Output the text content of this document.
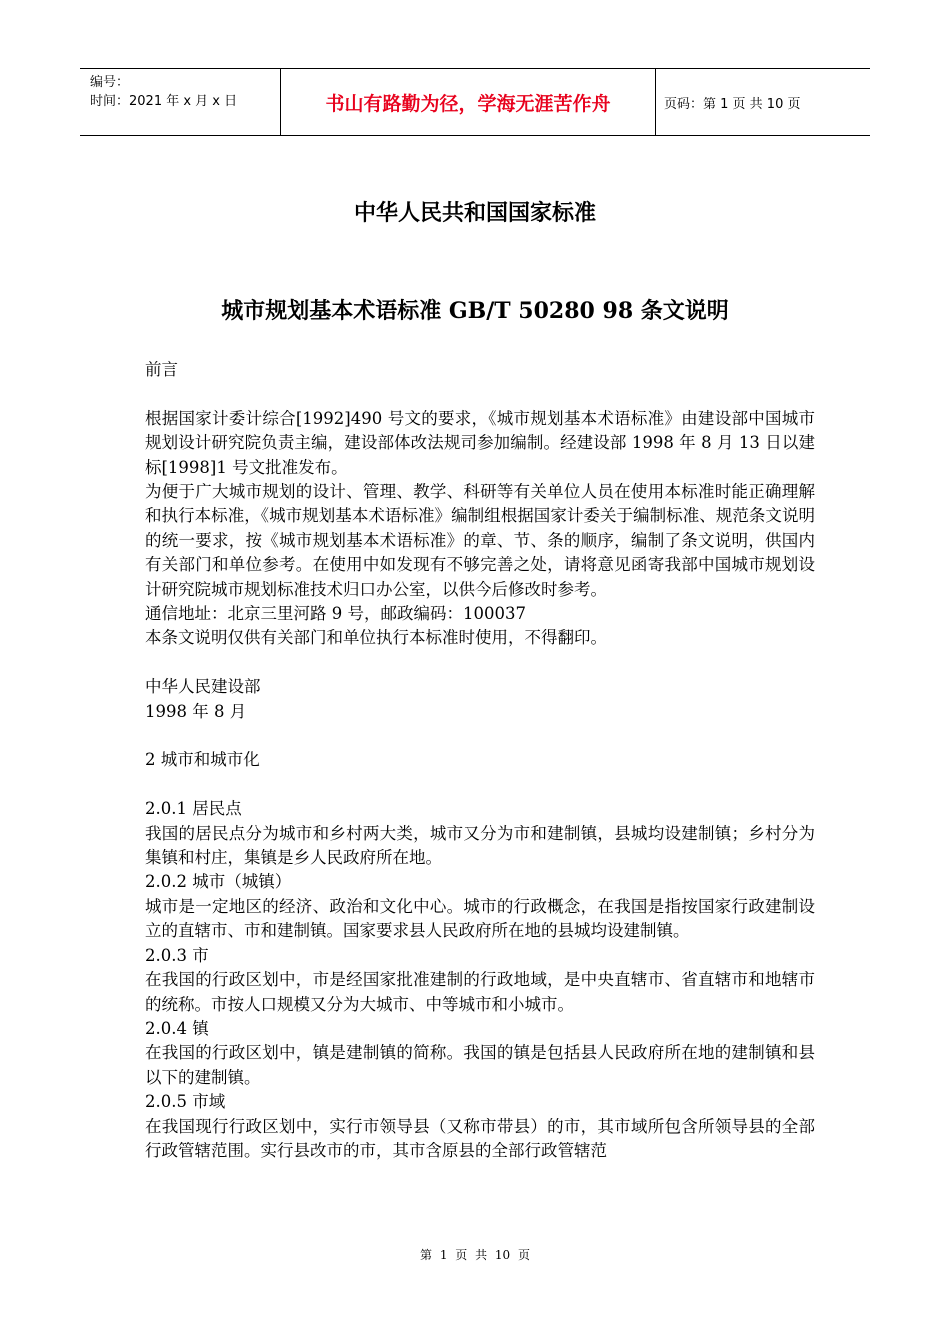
编号：
时间：2021 年 x 月 x 日	书山有路勤为径，学海无涯苦作舟	页码：第 1 页 共 10 页
中华人民共和国国家标准
城市规划基本术语标准 GB/T 50280 98 条文说明

前言

根据国家计委计综合[1992]490 号文的要求，《城市规划基本术语标准》由建设部中国城市规划设计研究院负责主编，建设部体改法规司参加编制。经建设部 1998 年 8 月 13 日以建标[1998]1 号文批准发布。

为便于广大城市规划的设计、管理、教学、科研等有关单位人员在使用本标准时能正确理解和执行本标准，《城市规划基本术语标准》编制组根据国家计委关于编制标准、规范条文说明的统一要求，按《城市规划基本术语标准》的章、节、条的顺序，编制了条文说明，供国内有关部门和单位参考。在使用中如发现有不够完善之处，请将意见函寄我部中国城市规划设计研究院城市规划标准技术归口办公室，以供今后修改时参考。

通信地址：北京三里河路 9 号，邮政编码：100037

本条文说明仅供有关部门和单位执行本标准时使用，不得翻印。

中华人民建设部

1998 年 8 月

2 城市和城市化

2.0.1 居民点

我国的居民点分为城市和乡村两大类，城市又分为市和建制镇，县城均设建制镇；乡村分为集镇和村庄，集镇是乡人民政府所在地。

2.0.2 城市（城镇）

城市是一定地区的经济、政治和文化中心。城市的行政概念，在我国是指按国家行政建制设立的直辖市、市和建制镇。国家要求县人民政府所在地的县城均设建制镇。

2.0.3 市

在我国的行政区划中，市是经国家批准建制的行政地域，是中央直辖市、省直辖市和地辖市的统称。市按人口规模又分为大城市、中等城市和小城市。

2.0.4 镇

在我国的行政区划中，镇是建制镇的简称。我国的镇是包括县人民政府所在地的建制镇和县以下的建制镇。

2.0.5 市域

在我国现行行政区划中，实行市领导县（又称市带县）的市，其市域所包含所领导县的全部行政管辖范围。实行县改市的市，其市含原县的全部行政管辖范

第 1 页 共 10 页
